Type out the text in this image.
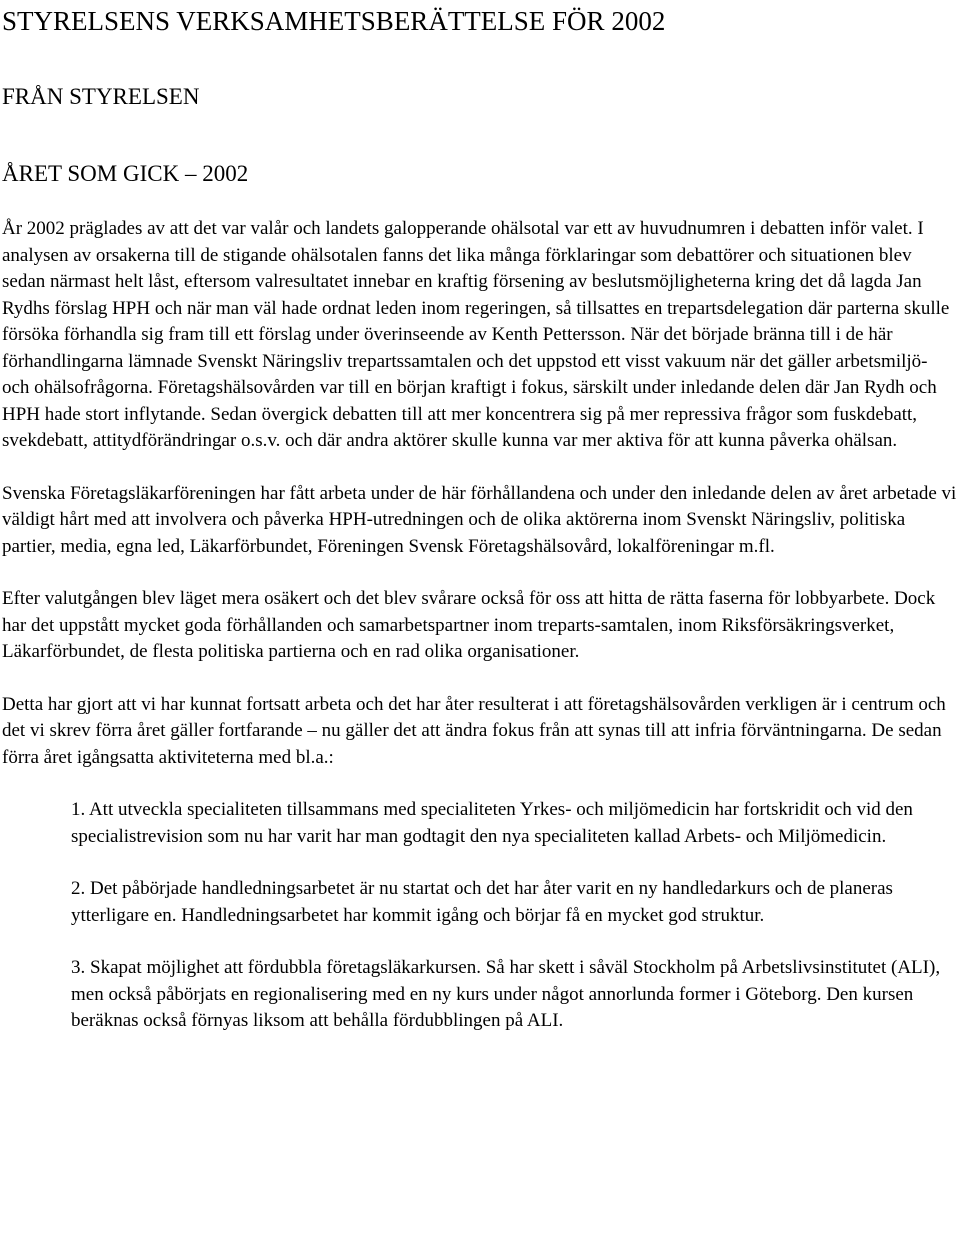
STYRELSENS VERKSAMHETSBERÄTTELSE FÖR 2002
FRÅN STYRELSEN
ÅRET SOM GICK – 2002

År 2002 präglades av att det var valår och landets galopperande ohälsotal var ett av huvudnumren i debatten inför valet. I analysen av orsakerna till de stigande ohälsotalen fanns det lika många förklaringar som debattörer och situationen blev sedan närmast helt låst, eftersom valresultatet innebar en kraftig försening av beslutsmöjligheterna kring det då lagda Jan Rydhs förslag HPH och när man väl hade ordnat leden inom regeringen, så tillsattes en trepartsdelegation där parterna skulle försöka förhandla sig fram till ett förslag under överinseende av Kenth Pettersson. När det började bränna till i de här förhandlingarna lämnade Svenskt Näringsliv trepartssamtalen och det uppstod ett visst vakuum när det gäller arbetsmiljö- och ohälsofrågorna. Företagshälsovården var till en början kraftigt i fokus, särskilt under inledande delen där Jan Rydh och HPH hade stort inflytande. Sedan övergick debatten till att mer koncentrera sig på mer repressiva frågor som fuskdebatt, svekdebatt, attitydförändringar o.s.v. och där andra aktörer skulle kunna var mer aktiva för att kunna påverka ohälsan.

Svenska Företagsläkarföreningen har fått arbeta under de här förhållandena och under den inledande delen av året arbetade vi väldigt hårt med att involvera och påverka HPH-utredningen och de olika aktörerna inom Svenskt Näringsliv, politiska partier, media, egna led, Läkarförbundet, Föreningen Svensk Företagshälsovård, lokalföreningar m.fl.

Efter valutgången blev läget mera osäkert och det blev svårare också för oss att hitta de rätta faserna för lobbyarbete. Dock har det uppstått mycket goda förhållanden och samarbetspartner inom treparts-samtalen, inom Riksförsäkringsverket, Läkarförbundet, de flesta politiska partierna och en rad olika organisationer.

Detta har gjort att vi har kunnat fortsatt arbeta och det har åter resulterat i att företagshälsovården verkligen är i centrum och det vi skrev förra året gäller fortfarande – nu gäller det att ändra fokus från att synas till att infria förväntningarna. De sedan förra året igångsatta aktiviteterna med bl.a.:

1. Att utveckla specialiteten tillsammans med specialiteten Yrkes- och miljömedicin har fortskridit och vid den specialistrevision som nu har varit har man godtagit den nya specialiteten kallad Arbets- och Miljömedicin.
2. Det påbörjade handledningsarbetet är nu startat och det har åter varit en ny handledarkurs och de planeras ytterligare en. Handledningsarbetet har kommit igång och börjar få en mycket god struktur.
3. Skapat möjlighet att fördubbla företagsläkarkursen. Så har skett i såväl Stockholm på Arbetslivsinstitutet (ALI), men också påbörjats en regionalisering med en ny kurs under något annorlunda former i Göteborg. Den kursen beräknas också förnyas liksom att behålla fördubblingen på ALI.
